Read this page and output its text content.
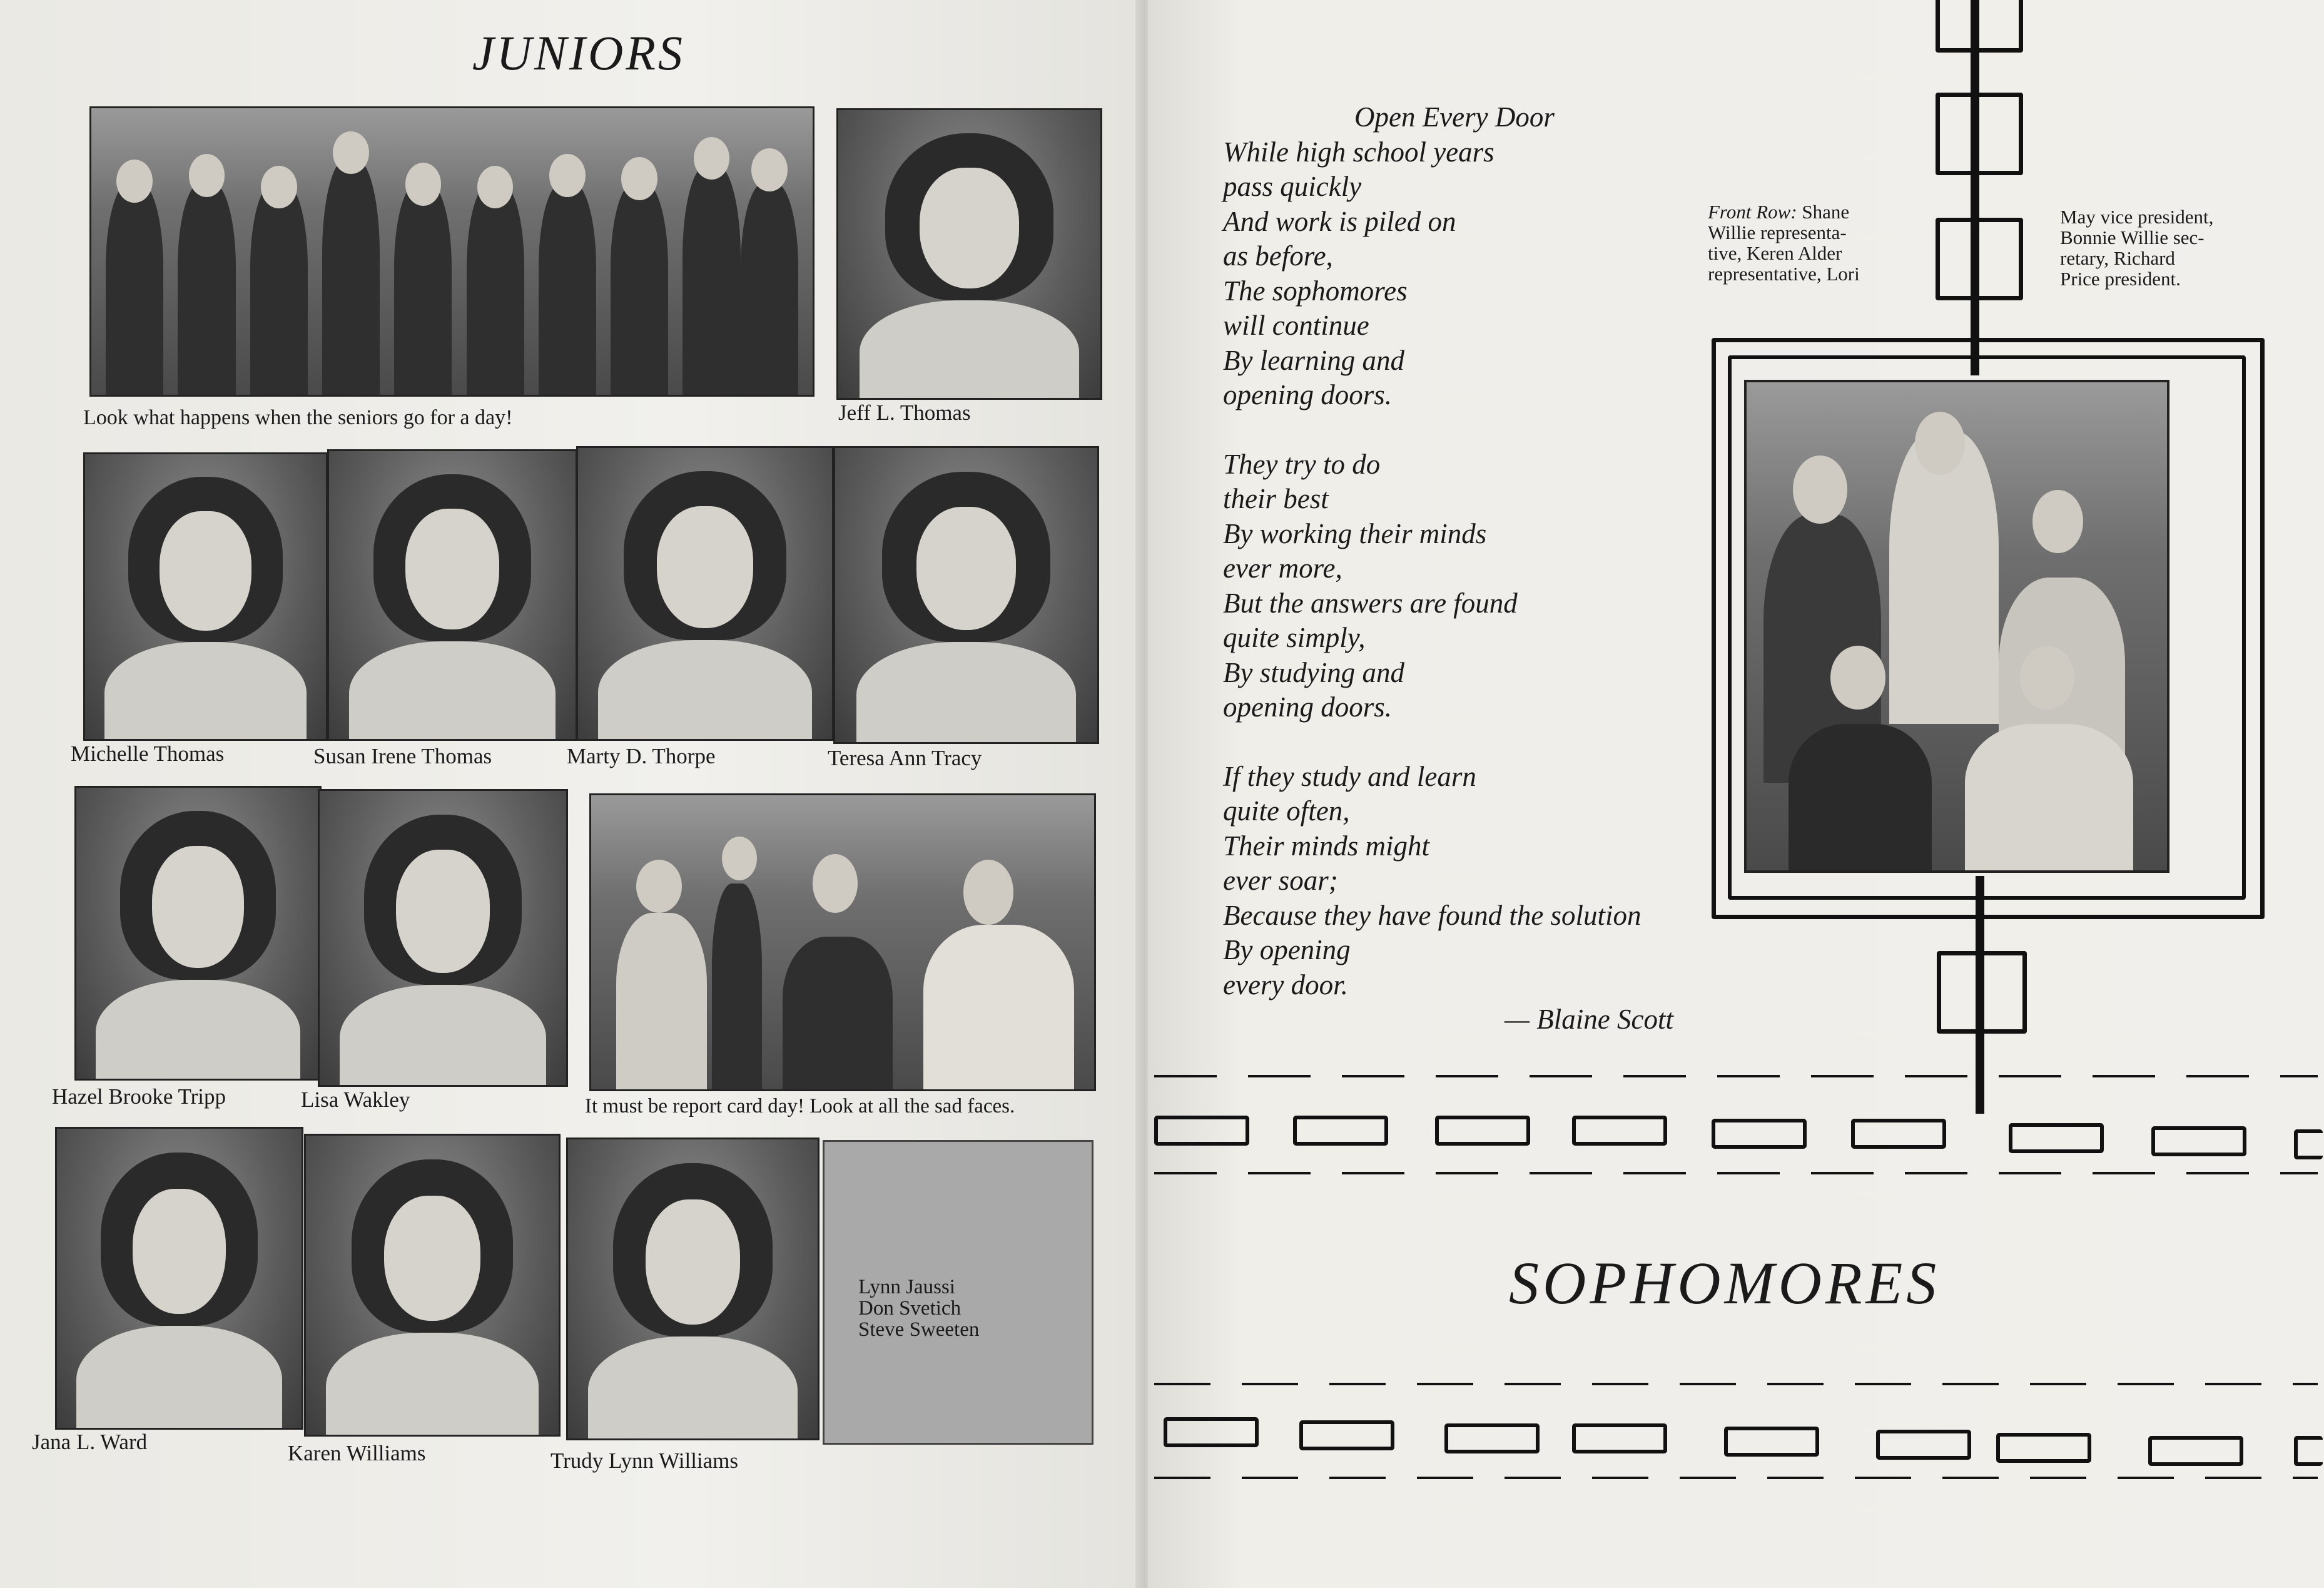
JUNIORS
Look what happens when the seniors go for a day!	Jeff L. Thomas
Michelle Thomas	Susan Irene Thomas	Marty D. Thorpe	Teresa Ann Tracy
Hazel Brooke Tripp	Lisa Wakley	It must be report card day! Look at all the sad faces.
Lynn Jaussi
Don Svetich
Steve Sweeten
Jana L. Ward	Karen Williams	Trudy Lynn Williams
Open Every Door
While high school years
pass quickly
And work is piled on
as before,
The sophomores
will continue
By learning and
opening doors.
They try to do
their best
By working their minds
ever more,
But the answers are found
quite simply,
By studying and
opening doors.
If they study and learn
quite often,
Their minds might
ever soar;
Because they have found the solution
By opening
every door.
— Blaine Scott
Front Row: Shane
Willie representa-
tive, Keren Alder
representative, Lori
May vice president,
Bonnie Willie sec-
retary, Richard
Price president.
SOPHOMORES
